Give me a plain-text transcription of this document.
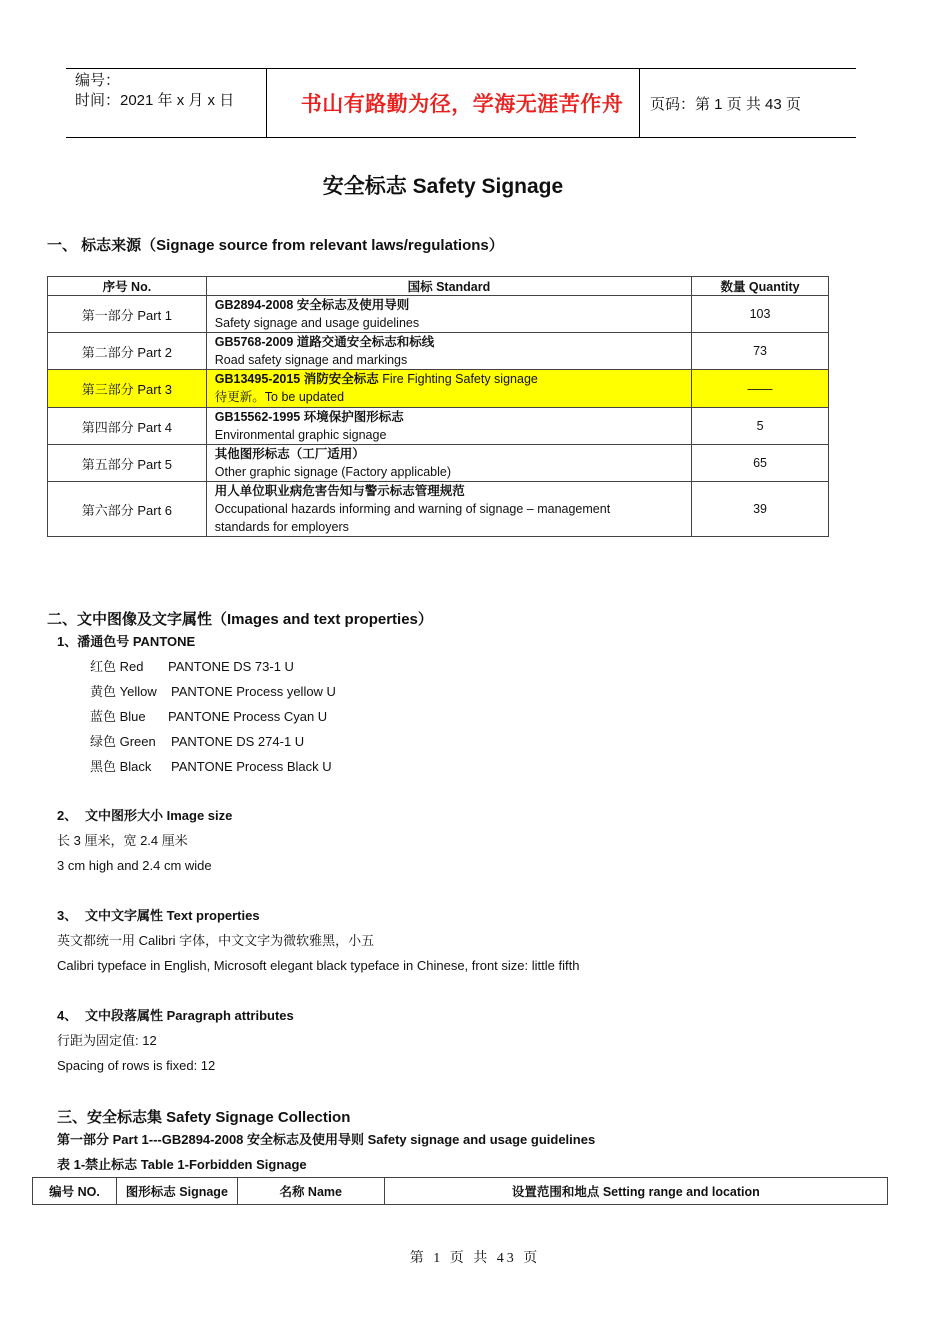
编号：
时间：2021 年 x 月 x 日	书山有路勤为径，学海无涯苦作舟	页码：第 1 页 共 43 页
安全标志 Safety Signage
一、 标志来源（Signage source from relevant laws/regulations）
序号 No.	国标 Standard	数量 Quantity
第一部分 Part 1	GB2894-2008 安全标志及使用导则
Safety signage and usage guidelines	103
第二部分 Part 2	GB5768-2009 道路交通安全标志和标线
Road safety signage and markings	73
第三部分 Part 3	GB13495-2015 消防安全标志 Fire Fighting Safety signage
待更新。To be updated	——
第四部分 Part 4	GB15562-1995 环境保护图形标志
Environmental graphic signage	5
第五部分 Part 5	其他图形标志（工厂适用）
Other graphic signage (Factory applicable)	65
第六部分 Part 6	用人单位职业病危害告知与警示标志管理规范
Occupational hazards informing and warning of signage – management
standards for employers	39
二、文中图像及文字属性（Images and text properties）
1、潘通色号 PANTONE
红色 Red PANTONE DS 73-1 U
黄色 Yellow PANTONE Process yellow U
蓝色 Blue PANTONE Process Cyan U
绿色 Green PANTONE DS 274-1 U
黑色 Black PANTONE Process Black U
2、 文中图形大小 Image size
长 3 厘米，宽 2.4 厘米
3 cm high and 2.4 cm wide
3、 文中文字属性 Text properties
英文都统一用 Calibri 字体，中文文字为微软雅黑，小五
Calibri typeface in English, Microsoft elegant black typeface in Chinese, front size: little fifth
4、 文中段落属性 Paragraph attributes
行距为固定值: 12
Spacing of rows is fixed: 12
三、安全标志集 Safety Signage Collection
第一部分 Part 1---GB2894-2008 安全标志及使用导则 Safety signage and usage guidelines
表 1-禁止标志 Table 1-Forbidden Signage
编号 NO.	图形标志 Signage	名称 Name	设置范围和地点 Setting range and location
第 1 页 共 43 页
